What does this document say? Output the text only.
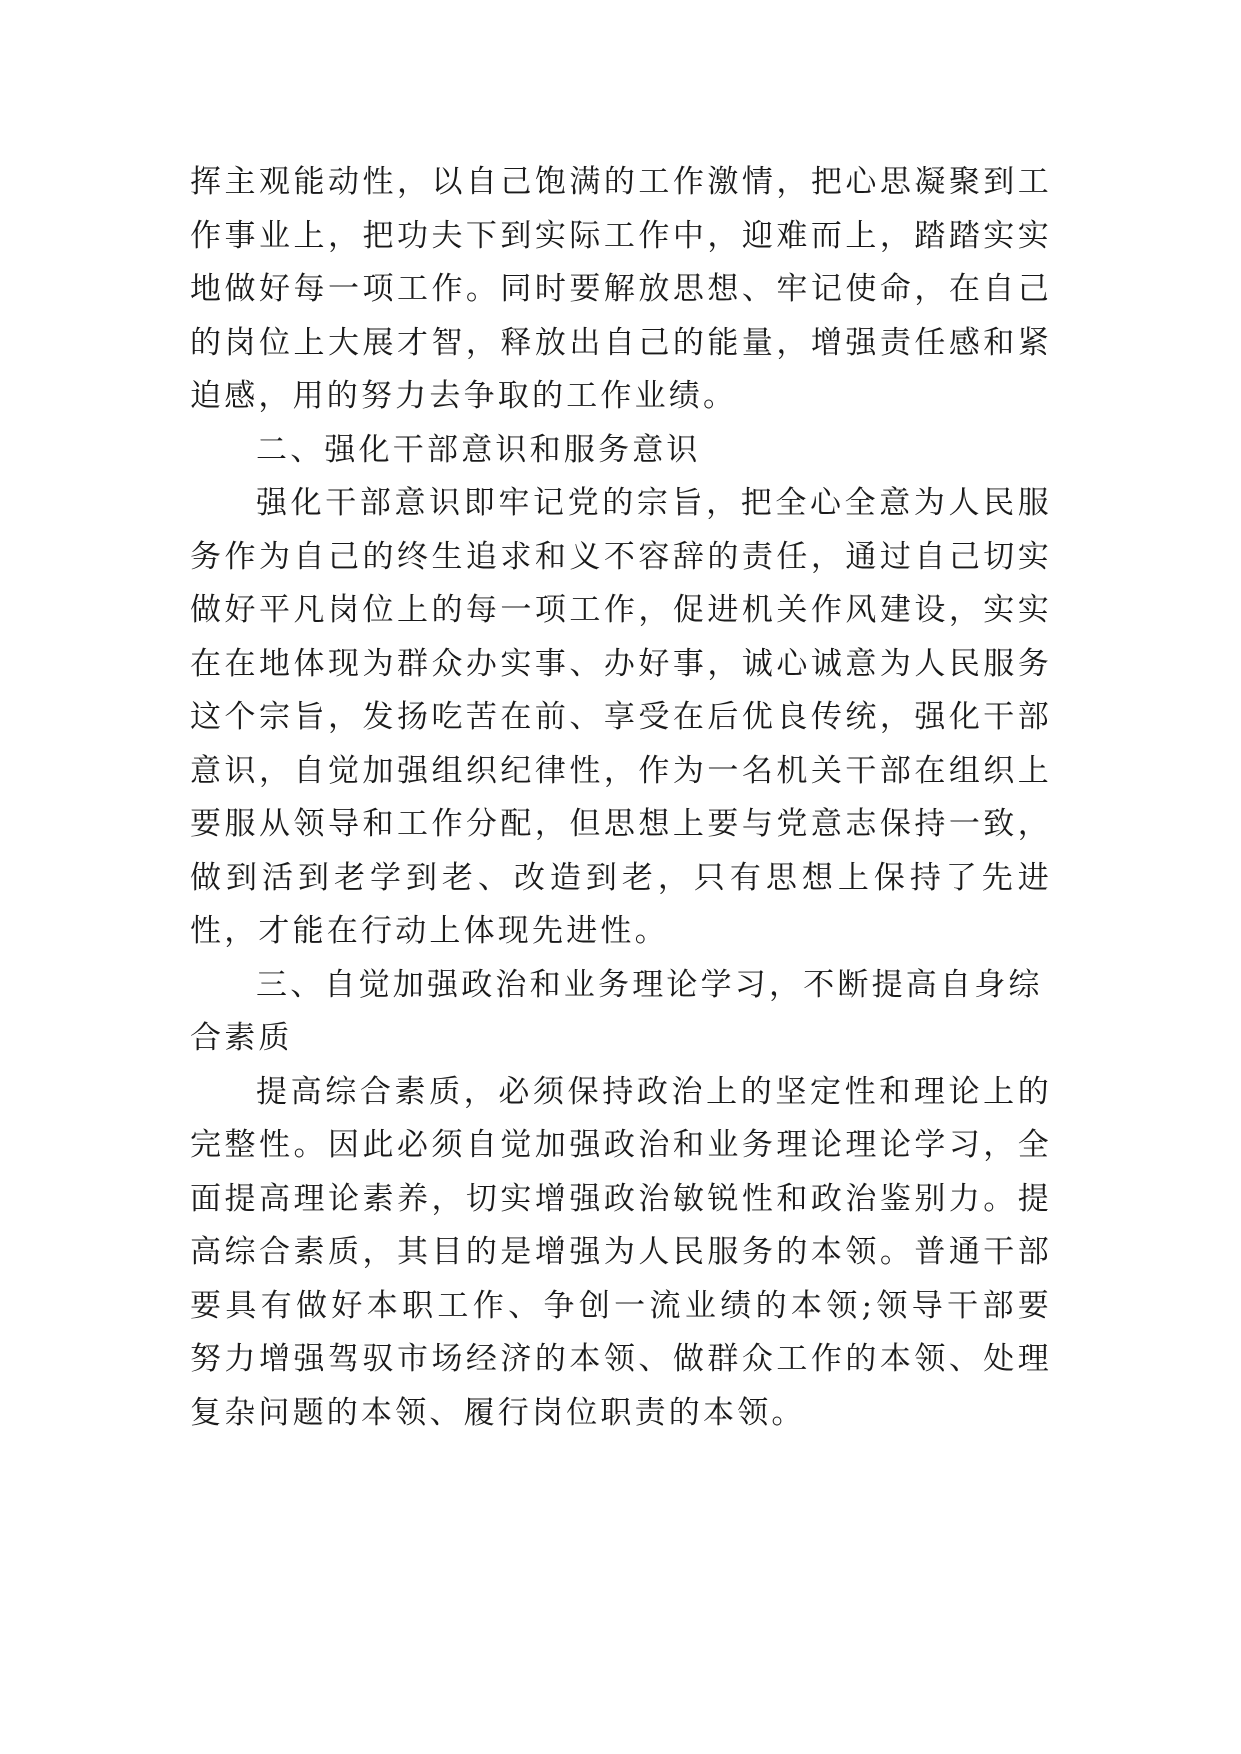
挥主观能动性，以自己饱满的工作激情，把心思凝聚到工作事业上，把功夫下到实际工作中，迎难而上，踏踏实实地做好每一项工作。同时要解放思想、牢记使命，在自己的岗位上大展才智，释放出自己的能量，增强责任感和紧迫感，用的努力去争取的工作业绩。

二、强化干部意识和服务意识

强化干部意识即牢记党的宗旨，把全心全意为人民服务作为自己的终生追求和义不容辞的责任，通过自己切实做好平凡岗位上的每一项工作，促进机关作风建设，实实在在地体现为群众办实事、办好事，诚心诚意为人民服务这个宗旨，发扬吃苦在前、享受在后优良传统，强化干部意识，自觉加强组织纪律性，作为一名机关干部在组织上要服从领导和工作分配，但思想上要与党意志保持一致，做到活到老学到老、改造到老，只有思想上保持了先进性，才能在行动上体现先进性。

三、自觉加强政治和业务理论学习，不断提高自身综合素质

提高综合素质，必须保持政治上的坚定性和理论上的完整性。因此必须自觉加强政治和业务理论理论学习，全面提高理论素养，切实增强政治敏锐性和政治鉴别力。提高综合素质，其目的是增强为人民服务的本领。普通干部要具有做好本职工作、争创一流业绩的本领;领导干部要努力增强驾驭市场经济的本领、做群众工作的本领、处理复杂问题的本领、履行岗位职责的本领。
